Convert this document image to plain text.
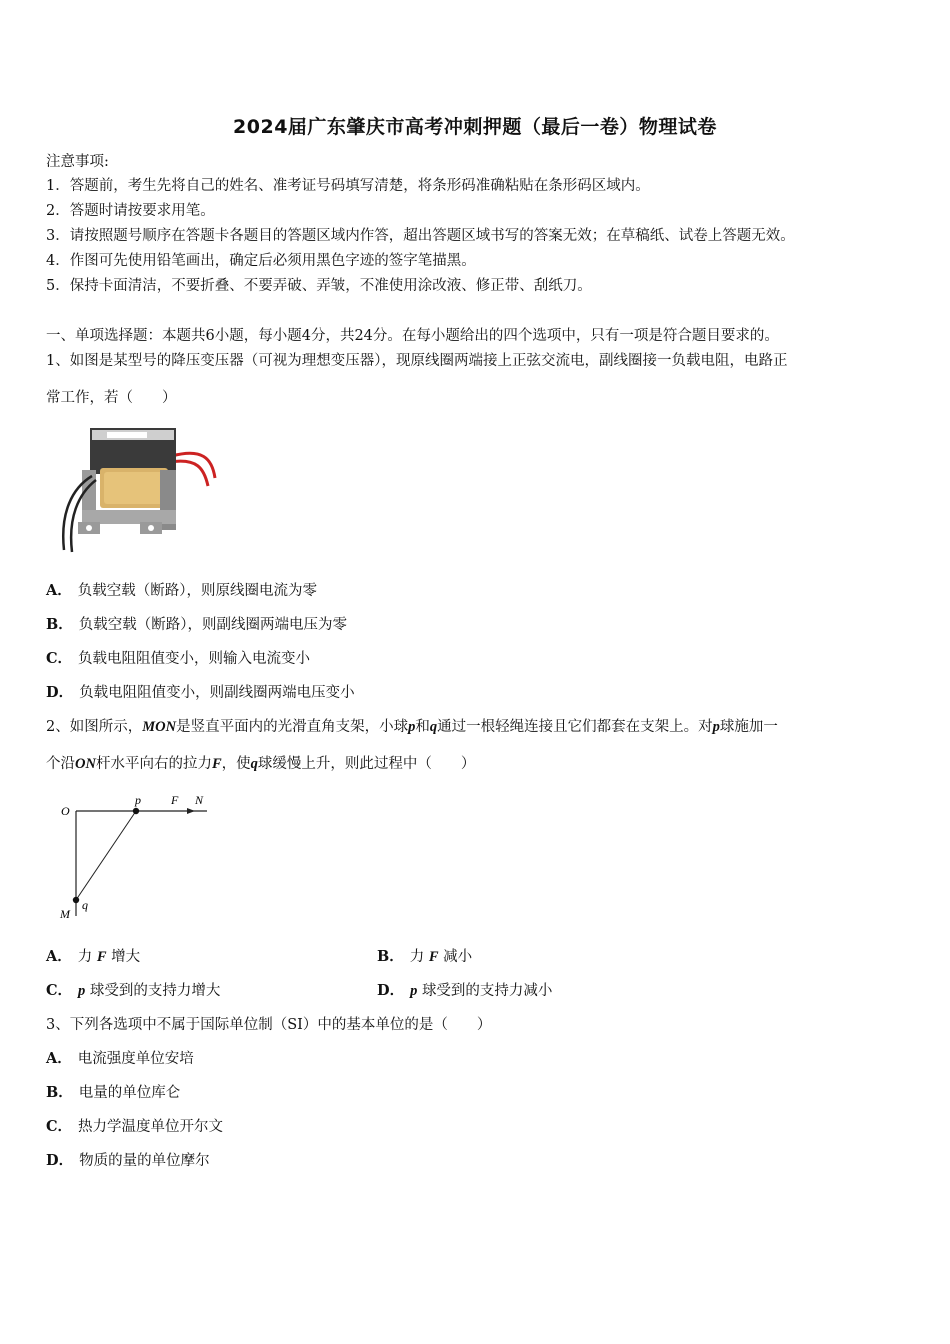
2024届广东肇庆市高考冲刺押题（最后一卷）物理试卷
注意事项:
1．答题前，考生先将自己的姓名、准考证号码填写清楚，将条形码准确粘贴在条形码区域内。
2．答题时请按要求用笔。
3．请按照题号顺序在答题卡各题目的答题区域内作答，超出答题区域书写的答案无效；在草稿纸、试卷上答题无效。
4．作图可先使用铅笔画出，确定后必须用黑色字迹的签字笔描黑。
5．保持卡面清洁，不要折叠、不要弄破、弄皱，不准使用涂改液、修正带、刮纸刀。
一、单项选择题：本题共6小题，每小题4分，共24分。在每小题给出的四个选项中，只有一项是符合题目要求的。
1、如图是某型号的降压变压器（可视为理想变压器），现原线圈两端接上正弦交流电，副线圈接一负载电阻，电路正
常工作，若（　　）
A． 负载空载（断路），则原线圈电流为零
B． 负载空载（断路），则副线圈两端电压为零
C． 负载电阻阻值变小，则输入电流变小
D． 负载电阻阻值变小，则副线圈两端电压变小
2、如图所示，MON是竖直平面内的光滑直角支架，小球p和q通过一根轻绳连接且它们都套在支架上。对p球施加一
个沿ON杆水平向右的拉力F，使q球缓慢上升，则此过程中（　　）
O
p	F N
M
q
A． 力 F 增大	B． 力 F 减小
C． p 球受到的支持力增大	D． p 球受到的支持力减小
3、下列各选项中不属于国际单位制（SI）中的基本单位的是（　　）
A． 电流强度单位安培
B． 电量的单位库仑
C． 热力学温度单位开尔文
D． 物质的量的单位摩尔
